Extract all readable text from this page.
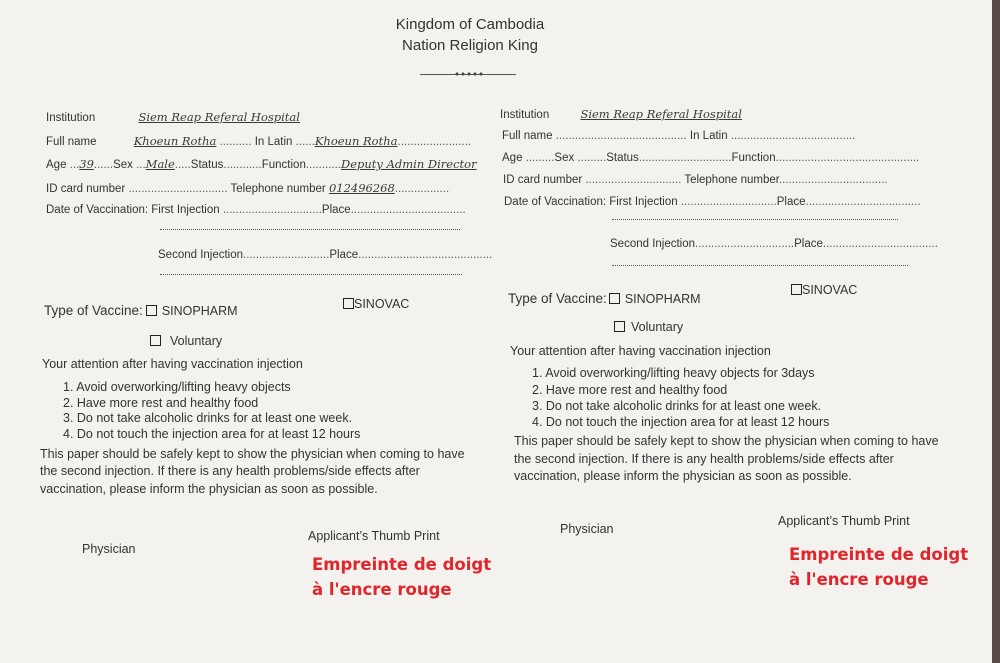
Kingdom of Cambodia
Nation Religion King
Institution	Siem Reap Referal Hospital
Full name	Khoeun Rotha .......... In Latin ......Khoeun Rotha.......................
Age ...39......Sex ...Male.....Status............Function...........Deputy Admin Director
ID card number ............................... Telephone number 012496268.................
Date of Vaccination: First Injection ...............................Place....................................
Second Injection...........................Place..........................................
Type of Vaccine: SINOPHARM	SINOVAC
Voluntary
Your attention after having vaccination injection
1. Avoid overworking/lifting heavy objects
2. Have more rest and healthy food
3. Do not take alcoholic drinks for at least one week.
4. Do not touch the injection area for at least 12 hours
This paper should be safely kept to show the physician when coming to have
the second injection. If there is any health problems/side effects after
vaccination, please inform the physician as soon as possible.
Physician
Applicant’s Thumb Print
Empreinte de doigt
à l'encre rouge
Institution	Siem Reap Referal Hospital
Full name ......................................... In Latin .......................................
Age .........Sex .........Status.............................Function.............................................
ID card number .............................. Telephone number..................................
Date of Vaccination: First Injection ..............................Place....................................
Second Injection...............................Place....................................
Type of Vaccine: SINOPHARM
SINOVAC
Voluntary
Your attention after having vaccination injection
1. Avoid overworking/lifting heavy objects for 3days
2. Have more rest and healthy food
3. Do not take alcoholic drinks for at least one week.
4. Do not touch the injection area for at least 12 hours
This paper should be safely kept to show the physician when coming to have
the second injection. If there is any health problems/side effects after
vaccination, please inform the physician as soon as possible.
Physician
Applicant’s Thumb Print
Empreinte de doigt
à l'encre rouge
